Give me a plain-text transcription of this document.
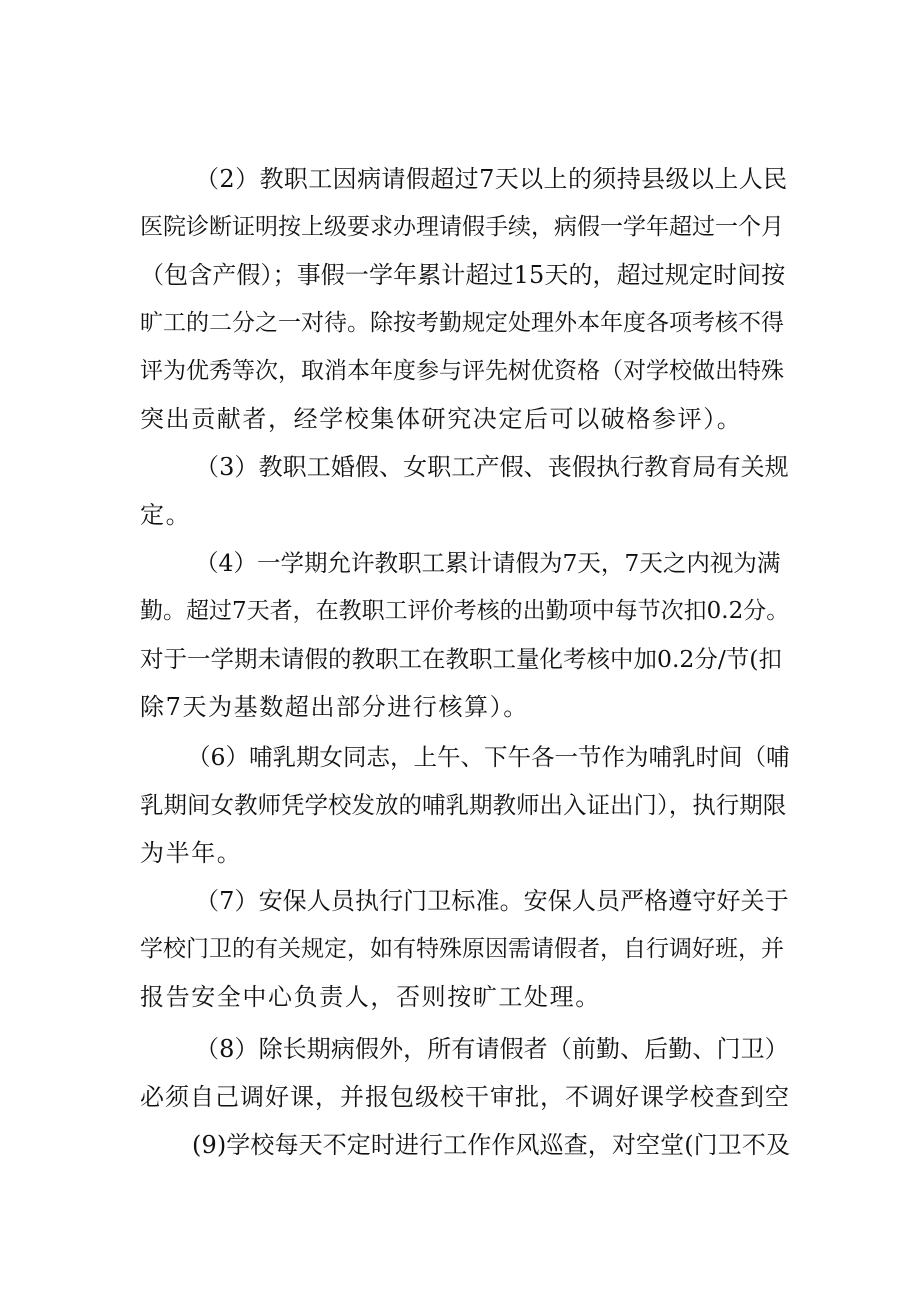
（2）教职工因病请假超过7天以上的须持县级以上人民
医院诊断证明按上级要求办理请假手续，病假一学年超过一个月
（包含产假）；事假一学年累计超过15天的，超过规定时间按
旷工的二分之一对待。除按考勤规定处理外本年度各项考核不得
评为优秀等次，取消本年度参与评先树优资格（对学校做出特殊
突出贡献者，经学校集体研究决定后可以破格参评）。
（3）教职工婚假、女职工产假、丧假执行教育局有关规
定。
（4）一学期允许教职工累计请假为7天，7天之内视为满
勤。超过7天者，在教职工评价考核的出勤项中每节次扣0.2分。
对于一学期未请假的教职工在教职工量化考核中加0.2分/节(扣
除7天为基数超出部分进行核算）。
（6）哺乳期女同志，上午、下午各一节作为哺乳时间（哺
乳期间女教师凭学校发放的哺乳期教师出入证出门），执行期限
为半年。
（7）安保人员执行门卫标准。安保人员严格遵守好关于
学校门卫的有关规定，如有特殊原因需请假者，自行调好班，并
报告安全中心负责人，否则按旷工处理。
（8）除长期病假外，所有请假者（前勤、后勤、门卫）
必须自己调好课，并报包级校干审批，不调好课学校查到空
(9)学校每天不定时进行工作作风巡查，对空堂(门卫不及
